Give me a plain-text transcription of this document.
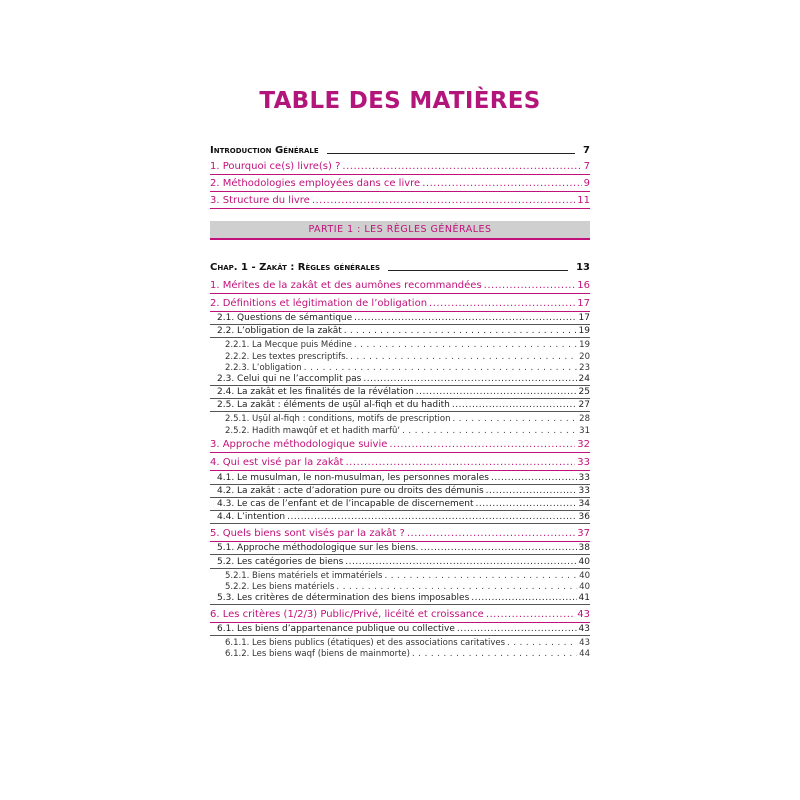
TABLE DES MATIÈRES
Introduction Générale	7
1. Pourquoi ce(s) livre(s) ? .....	7
2. Méthodologies employées dans ce livre .....	9
3. Structure du livre .....	11
PARTIE 1 : LES RÈGLES GÉNÉRALES
Chap. 1 - Zakât : Règles générales	13
1. Mérites de la zakât et des aumônes recommandées .....	16
2. Définitions et légitimation de l’obligation .....	17
2.1. Questions de sémantique .....	17
2.2. L’obligation de la zakât .....	19
2.2.1. La Mecque puis Médine .....	19
2.2.2. Les textes prescriptifs. .....	20
2.2.3. L’obligation .....	23
2.3. Celui qui ne l’accomplit pas .....	24
2.4. La zakât et les finalités de la révélation .....	25
2.5. La zakât : éléments de uṣūl al-fiqh et du hadith .....	27
2.5.1. Uṣūl al-fiqh : conditions, motifs de prescription .....	28
2.5.2. Hadith mawqûf et et hadith marfû‘ .....	31
3. Approche méthodologique suivie .....	32
4. Qui est visé par la zakât .....	33
4.1. Le musulman, le non-musulman, les personnes morales .....	33
4.2. La zakât : acte d’adoration pure ou droits des démunis .....	33
4.3. Le cas de l’enfant et de l’incapable de discernement .....	34
4.4. L’intention .....	36
5. Quels biens sont visés par la zakât ? .....	37
5.1. Approche méthodologique sur les biens. .....	38
5.2. Les catégories de biens .....	40
5.2.1. Biens matériels et immatériels .....	40
5.2.2. Les biens matériels .....	40
5.3. Les critères de détermination des biens imposables .....	41
6. Les critères (1/2/3) Public/Privé, licéité et croissance .....	43
6.1. Les biens d’appartenance publique ou collective .....	43
6.1.1. Les biens publics (étatiques) et des associations caritatives .....	43
6.1.2. Les biens waqf (biens de mainmorte) .....	44
